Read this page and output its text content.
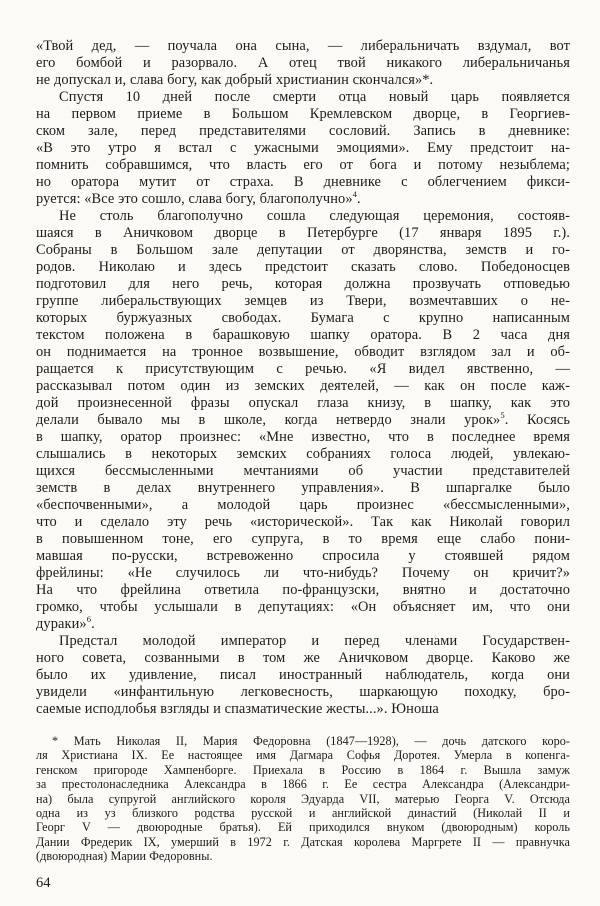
«Твой дед, — поучала она сына, — либеральничать вздумал, вот
его бомбой и разорвало. А отец твой никакого либеральничанья
не допускал и, слава богу, как добрый христианин скончался»*.
Спустя 10 дней после смерти отца новый царь появляется
на первом приеме в Большом Кремлевском дворце, в Георгиев-
ском зале, перед представителями сословий. Запись в дневнике:
«В это утро я встал с ужасными эмоциями». Ему предстоит на-
помнить собравшимся, что власть его от бога и потому незыблема;
но оратора мутит от страха. В дневнике с облегчением фикси-
руется: «Все это сошло, слава богу, благополучно»$^4$.
Не столь благополучно сошла следующая церемония, состояв-
шаяся в Аничковом дворце в Петербурге (17 января 1895 г.).
Собраны в Большом зале депутации от дворянства, земств и го-
родов. Николаю и здесь предстоит сказать слово. Победоносцев
подготовил для него речь, которая должна прозвучать отповедью
группе либеральствующих земцев из Твери, возмечтавших о не-
которых буржуазных свободах. Бумага с крупно написанным
текстом положена в барашковую шапку оратора. В 2 часа дня
он поднимается на тронное возвышение, обводит взглядом зал и об-
ращается к присутствующим с речью. «Я видел явственно, —
рассказывал потом один из земских деятелей, — как он после каж-
дой произнесенной фразы опускал глаза книзу, в шапку, как это
делали бывало мы в школе, когда нетвердо знали урок»$^5$. Косясь
в шапку, оратор произнес: «Мне известно, что в последнее время
слышались в некоторых земских собраниях голоса людей, увлекаю-
щихся бессмысленными мечтаниями об участии представителей
земств в делах внутреннего управления». В шпаргалке было
«беспочвенными», а молодой царь произнес «бессмысленными»,
что и сделало эту речь «исторической». Так как Николай говорил
в повышенном тоне, его супруга, в то время еще слабо пони-
мавшая по-русски, встревоженно спросила у стоявшей рядом
фрейлины: «Не случилось ли что-нибудь? Почему он кричит?»
На что фрейлина ответила по-французски, внятно и достаточно
громко, чтобы услышали в депутациях: «Он объясняет им, что они
дураки»$^6$.
Предстал молодой император и перед членами Государствен-
ного совета, созванными в том же Аничковом дворце. Каково же
было их удивление, писал иностранный наблюдатель, когда они
увидели «инфантильную легковесность, шаркающую походку, бро-
саемые исподлобья взгляды и спазматические жесты...». Юноша
* Мать Николая II, Мария Федоровна (1847—1928), — дочь датского коро-
ля Христиана IX. Ее настоящее имя Дагмара Софья Доротея. Умерла в копенга-
генском пригороде Хампенборге. Приехала в Россию в 1864 г. Вышла замуж
за престолонаследника Александра в 1866 г. Ее сестра Александра (Александри-
на) была супругой английского короля Эдуарда VII, матерью Георга V. Отсюда
одна из уз близкого родства русской и английской династий (Николай II и
Георг V — двоюродные братья). Ей приходился внуком (двоюродным) король
Дании Фредерик IX, умерший в 1972 г. Датская королева Маргрете II — правнучка
(двоюродная) Марии Федоровны.
64
